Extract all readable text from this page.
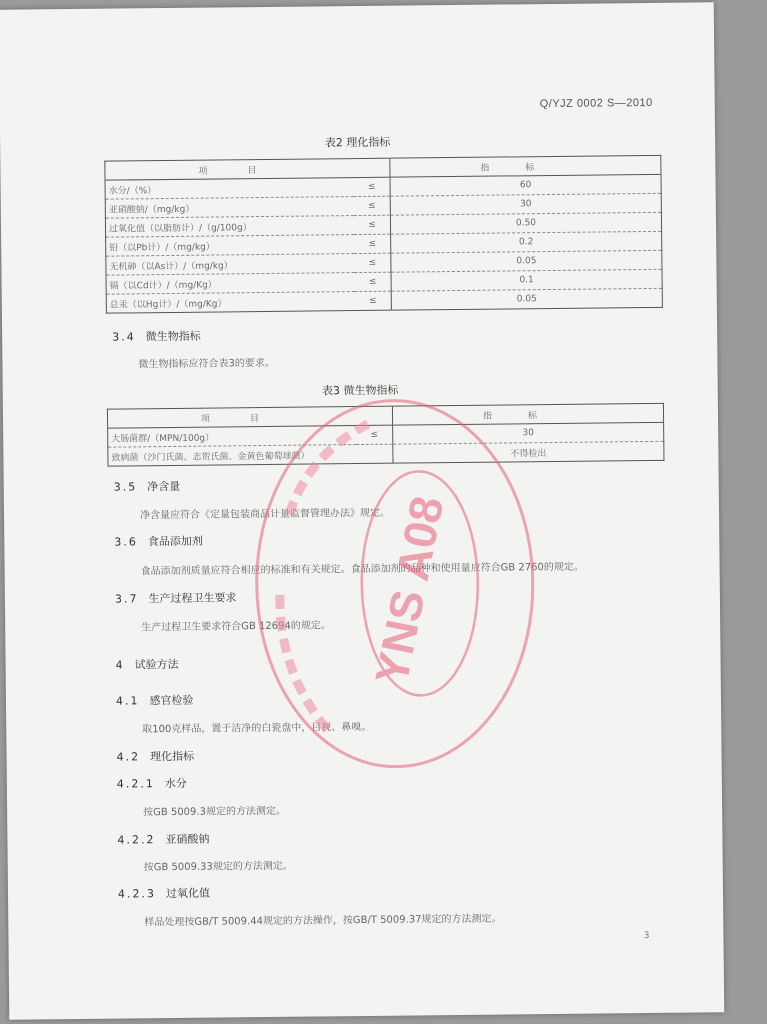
Q/YJZ 0002 S—2010
表2 理化指标
项目		指标
水分/（%）	≤	60
亚硝酸钠/（mg/kg）	≤	30
过氧化值（以脂肪计）/（g/100g）	≤	0.50
铅（以Pb计）/（mg/kg）	≤	0.2
无机砷（以As计）/（mg/kg）	≤	0.05
镉（以Cd计）/（mg/Kg）	≤	0.1
总汞（以Hg计）/（mg/Kg）	≤	0.05
3.4 微生物指标
微生物指标应符合表3的要求。
表3 微生物指标
项目		指标
大肠菌群/（MPN/100g）	≤	30
致病菌（沙门氏菌、志贺氏菌、金黄色葡萄球菌）		不得检出
3.5 净含量
净含量应符合《定量包装商品计量监督管理办法》规定。
3.6 食品添加剂
食品添加剂质量应符合相应的标准和有关规定。食品添加剂的品种和使用量应符合GB 2760的规定。
3.7 生产过程卫生要求
生产过程卫生要求符合GB 12694的规定。
4 试验方法
4.1 感官检验
取100克样品，置于洁净的白瓷盘中，目视、鼻嗅。
4.2 理化指标
4.2.1 水分
按GB 5009.3规定的方法测定。
4.2.2 亚硝酸钠
按GB 5009.33规定的方法测定。
4.2.3 过氧化值
样品处理按GB/T 5009.44规定的方法操作，按GB/T 5009.37规定的方法测定。
3
YNS A08
